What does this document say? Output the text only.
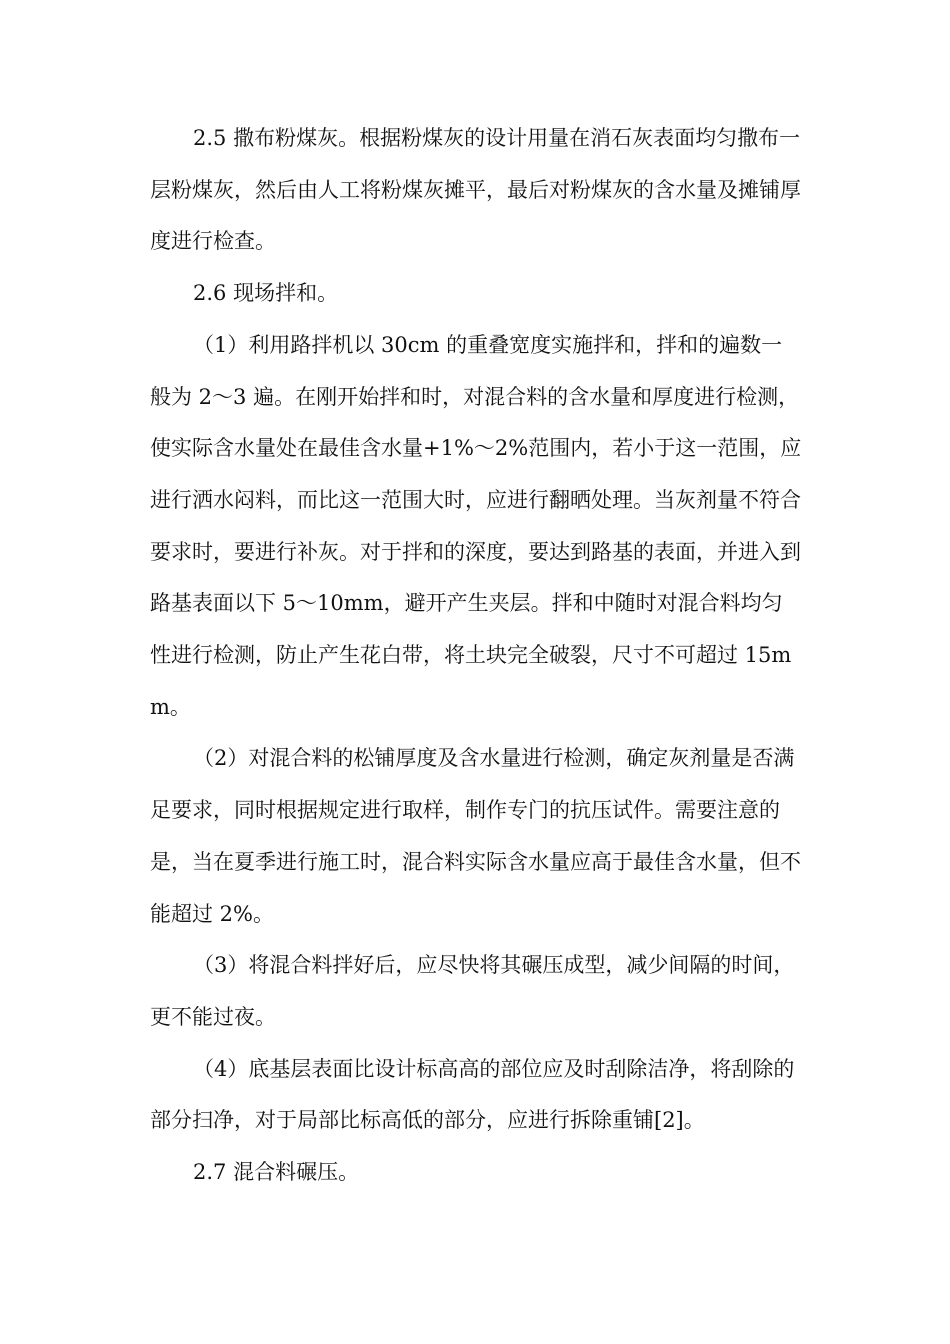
2.5 撒布粉煤灰。根据粉煤灰的设计用量在消石灰表面均匀撒布一层粉煤灰，然后由人工将粉煤灰摊平，最后对粉煤灰的含水量及摊铺厚度进行检查。

2.6 现场拌和。

（1）利用路拌机以 30cm 的重叠宽度实施拌和，拌和的遍数一般为 2～3 遍。在刚开始拌和时，对混合料的含水量和厚度进行检测，使实际含水量处在最佳含水量+1%～2%范围内，若小于这一范围，应进行洒水闷料，而比这一范围大时，应进行翻晒处理。当灰剂量不符合要求时，要进行补灰。对于拌和的深度，要达到路基的表面，并进入到路基表面以下 5～10mm，避开产生夹层。拌和中随时对混合料均匀性进行检测，防止产生花白带，将土块完全破裂，尺寸不可超过 15mm。

（2）对混合料的松铺厚度及含水量进行检测，确定灰剂量是否满足要求，同时根据规定进行取样，制作专门的抗压试件。需要注意的是，当在夏季进行施工时，混合料实际含水量应高于最佳含水量，但不能超过 2%。

（3）将混合料拌好后，应尽快将其碾压成型，减少间隔的时间，更不能过夜。

（4）底基层表面比设计标高高的部位应及时刮除洁净，将刮除的部分扫净，对于局部比标高低的部分，应进行拆除重铺[2]。

2.7 混合料碾压。
